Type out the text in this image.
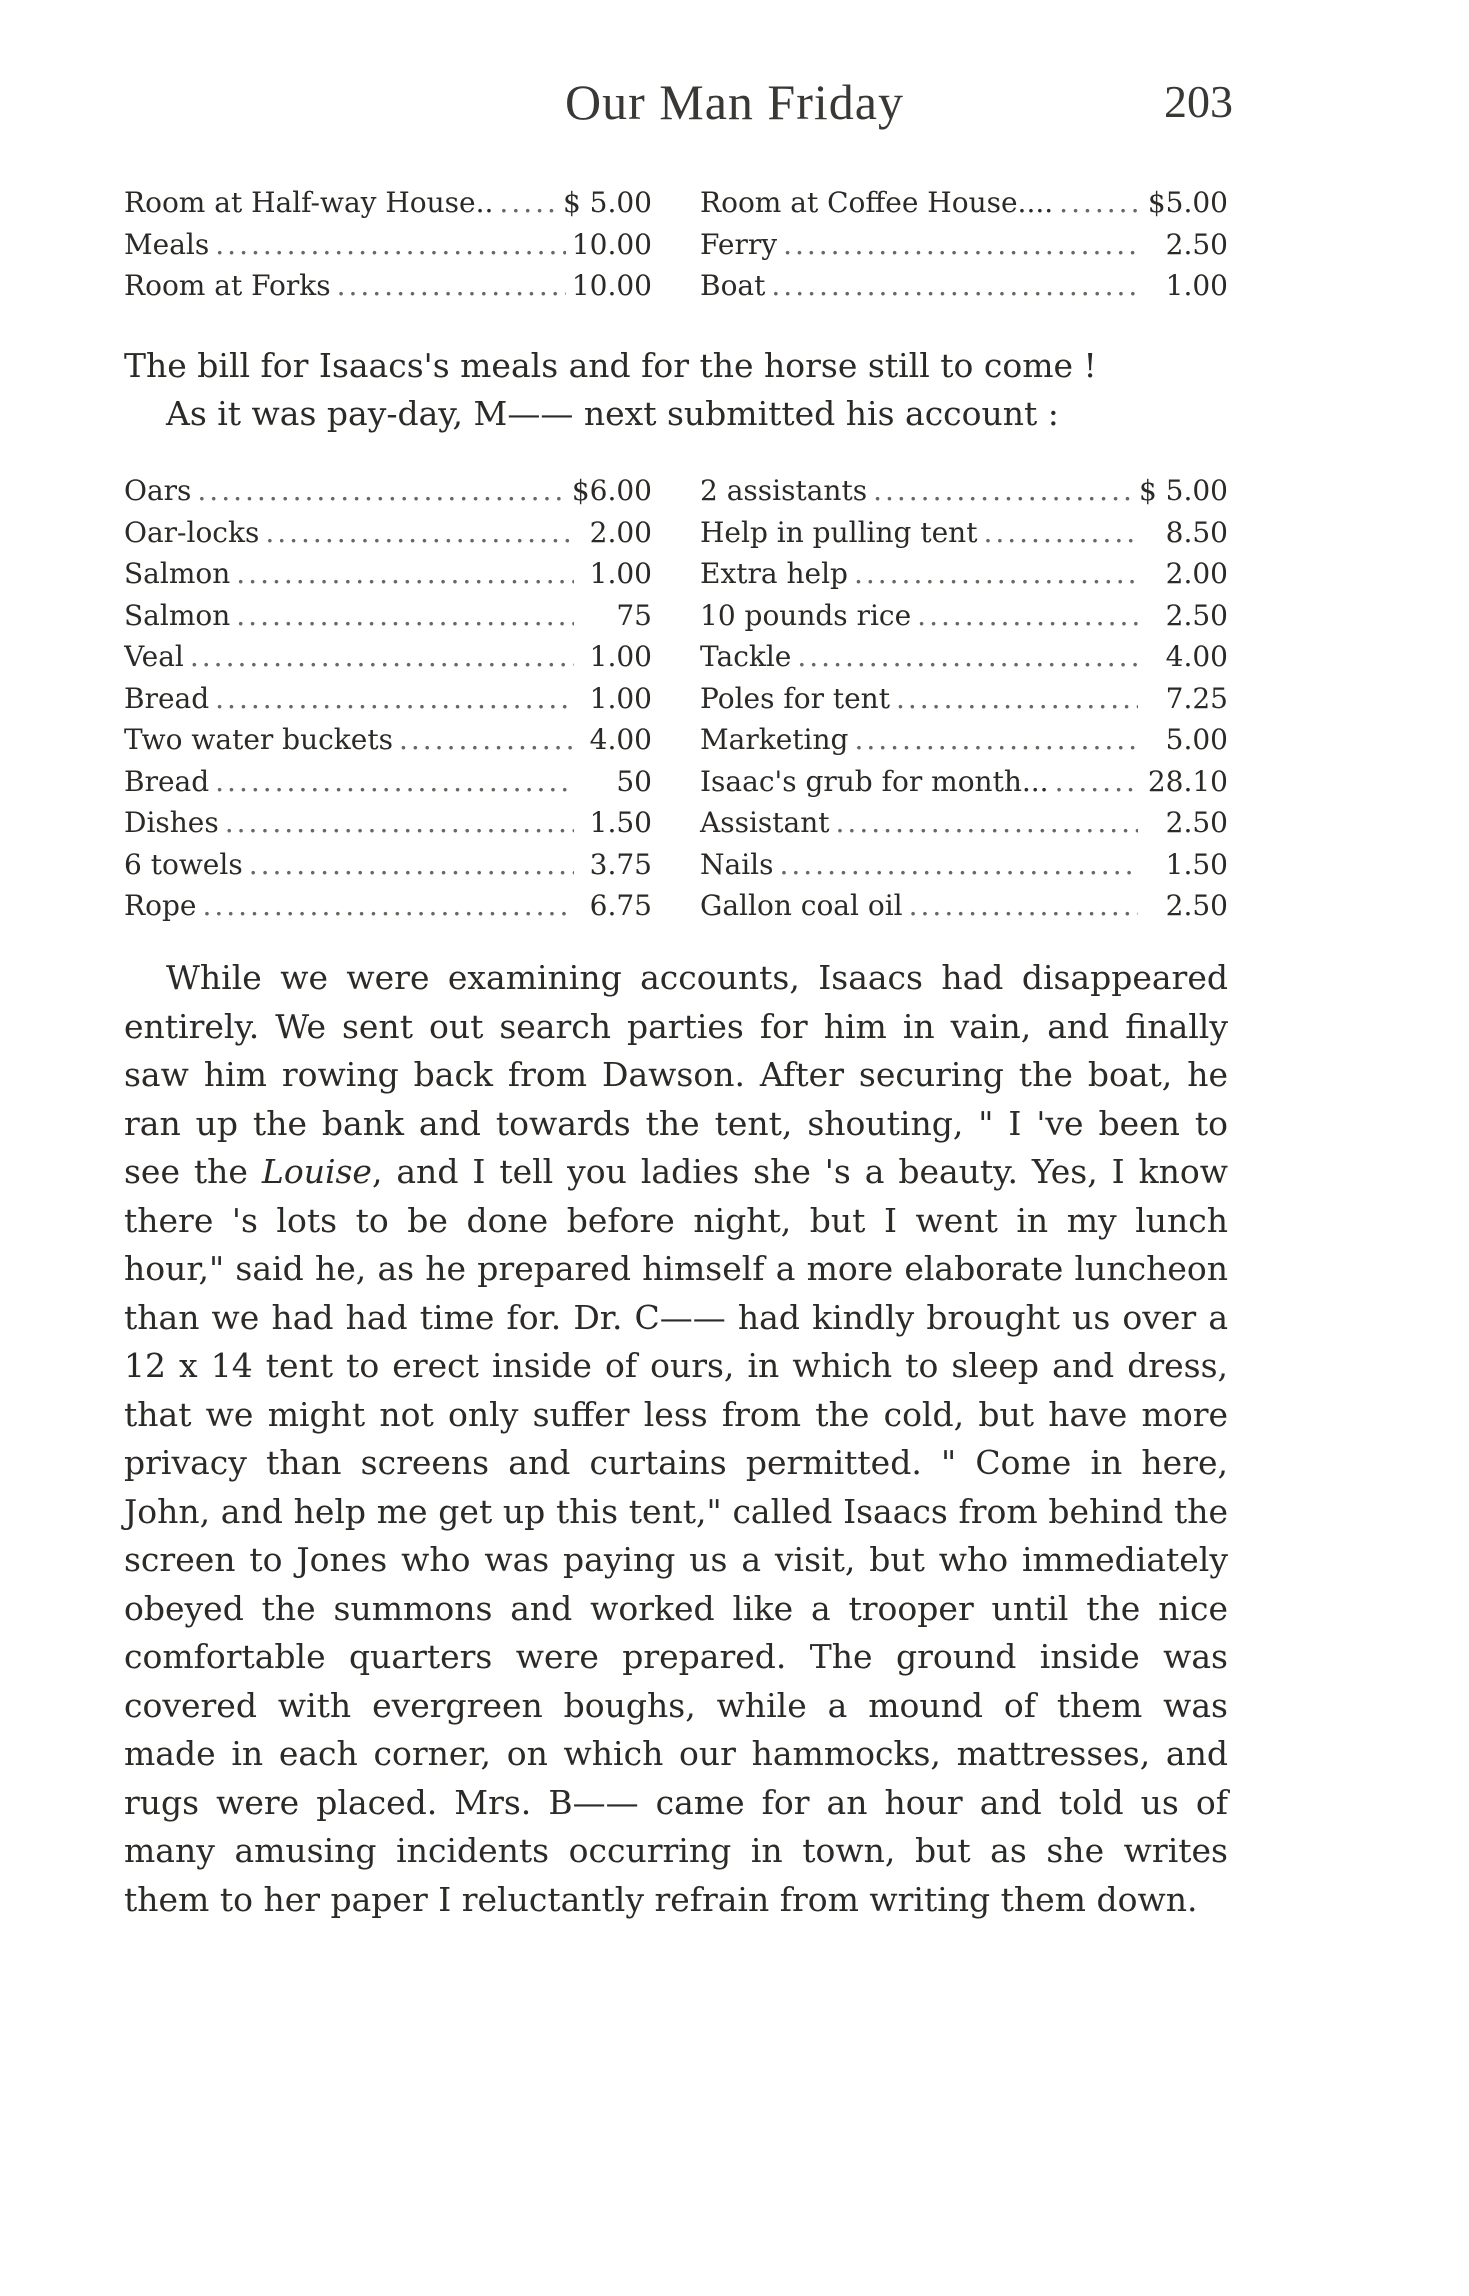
Our Man Friday	203
Room at Half-way House.. ..... $ 5.00 Room at Coffee House.... .....	$5.00
Meals .....	10.00 Ferry .....	2.50
Room at Forks .....	10.00 Boat .....	1.00
The bill for Isaacs's meals and for the horse still to come !
As it was pay-day, M—— next submitted his account :
Oars .....	$6.00 2 assistants .....	$ 5.00
Oar-locks .....	2.00 Help in pulling tent .....	8.50
Salmon .....	1.00 Extra help .....	2.00
Salmon .....	75 10 pounds rice .....	2.50
Veal .....	1.00 Tackle .....	4.00
Bread .....	1.00 Poles for tent .....	7.25
Two water buckets .....	4.00 Marketing .....	5.00
Bread .....	50 Isaac's grub for month... .....	28.10
Dishes .....	1.50 Assistant .....	2.50
6 towels .....	3.75 Nails .....	1.50
Rope .....	6.75 Gallon coal oil .....	2.50

While we were examining accounts, Isaacs had disappeared entirely. We sent out search parties for him in vain, and finally saw him rowing back from Dawson. After securing the boat, he ran up the bank and towards the tent, shouting, " I 've been to see the Louise, and I tell you ladies she 's a beauty. Yes, I know there 's lots to be done before night, but I went in my lunch hour," said he, as he prepared himself a more elaborate luncheon than we had had time for. Dr. C—— had kindly brought us over a 12 x 14 tent to erect inside of ours, in which to sleep and dress, that we might not only suffer less from the cold, but have more privacy than screens and curtains permitted. " Come in here, John, and help me get up this tent," called Isaacs from behind the screen to Jones who was paying us a visit, but who immediately obeyed the summons and worked like a trooper until the nice comfortable quarters were prepared. The ground inside was covered with evergreen boughs, while a mound of them was made in each corner, on which our hammocks, mattresses, and rugs were placed. Mrs. B—— came for an hour and told us of many amusing incidents occurring in town, but as she writes them to her paper I reluctantly refrain from writing them down.
